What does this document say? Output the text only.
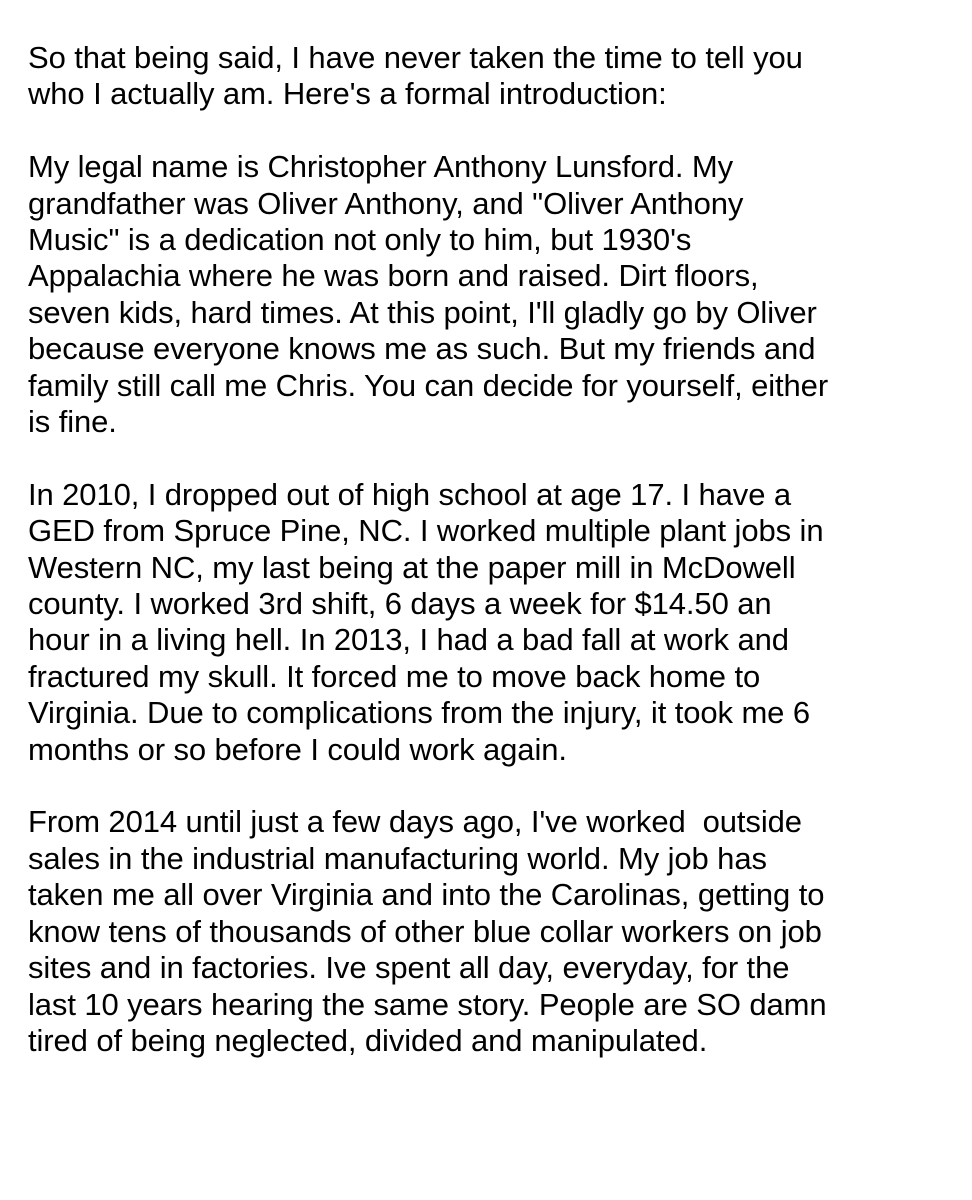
So that being said, I have never taken the time to tell you
who I actually am. Here's a formal introduction:

My legal name is Christopher Anthony Lunsford. My
grandfather was Oliver Anthony, and "Oliver Anthony
Music" is a dedication not only to him, but 1930's
Appalachia where he was born and raised. Dirt floors,
seven kids, hard times. At this point, I'll gladly go by Oliver
because everyone knows me as such. But my friends and
family still call me Chris. You can decide for yourself, either
is fine.

In 2010, I dropped out of high school at age 17. I have a
GED from Spruce Pine, NC. I worked multiple plant jobs in
Western NC, my last being at the paper mill in McDowell
county. I worked 3rd shift, 6 days a week for $14.50 an
hour in a living hell. In 2013, I had a bad fall at work and
fractured my skull. It forced me to move back home to
Virginia. Due to complications from the injury, it took me 6
months or so before I could work again.

From 2014 until just a few days ago, I've worked  outside
sales in the industrial manufacturing world. My job has
taken me all over Virginia and into the Carolinas, getting to
know tens of thousands of other blue collar workers on job
sites and in factories. Ive spent all day, everyday, for the
last 10 years hearing the same story. People are SO damn
tired of being neglected, divided and manipulated.
